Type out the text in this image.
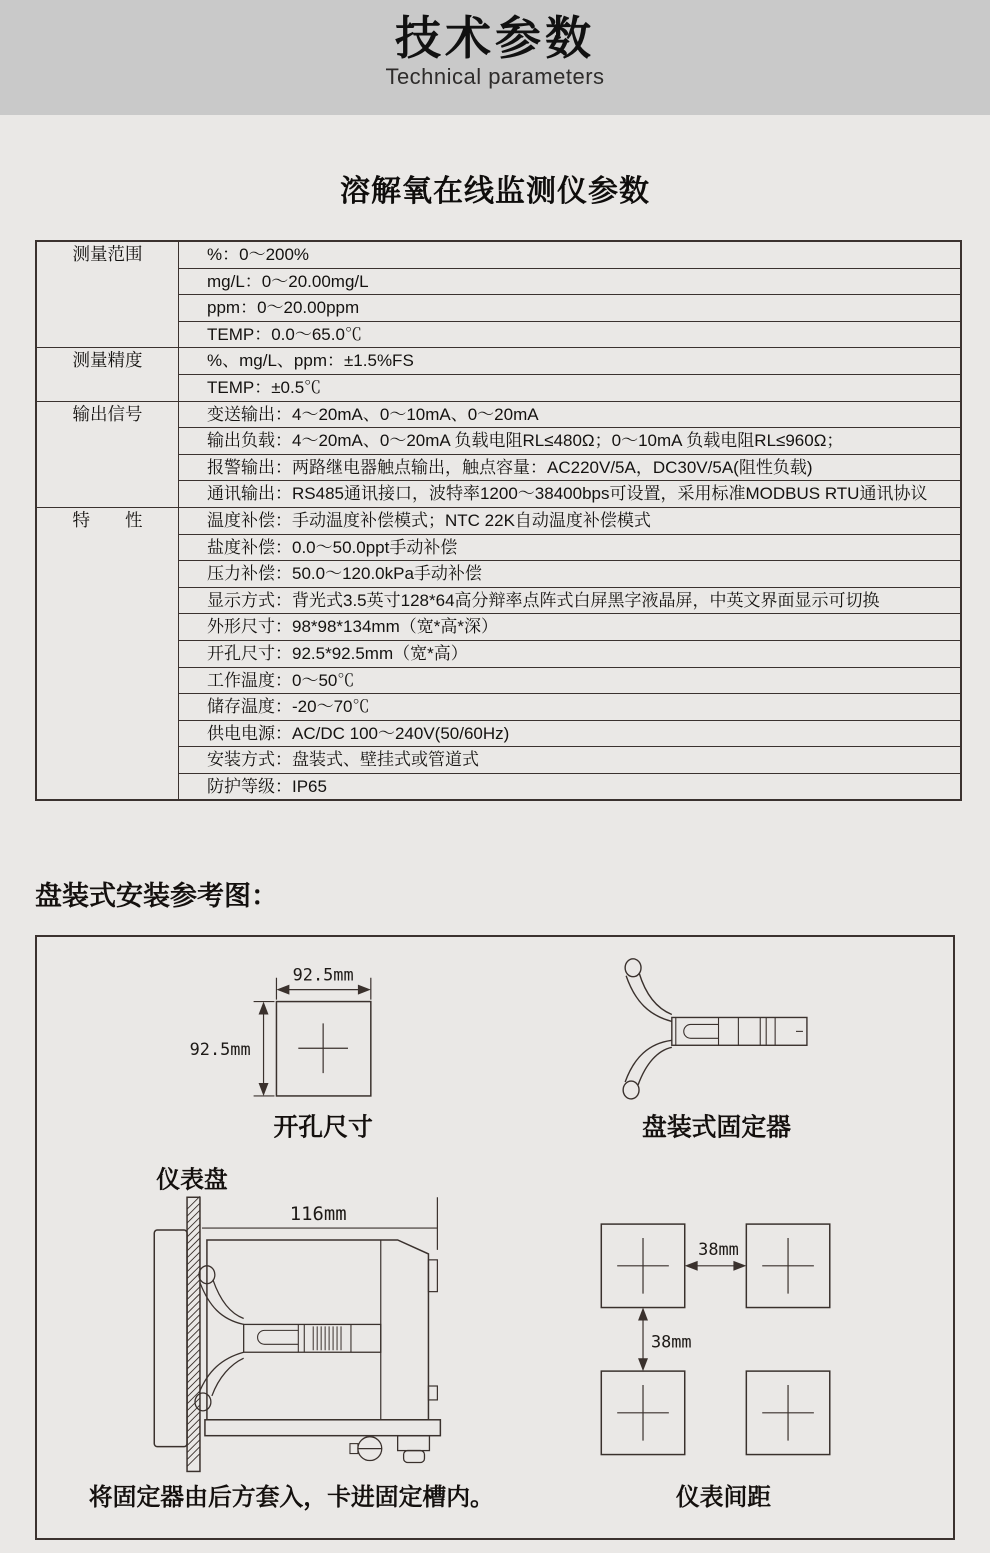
技术参数
Technical parameters
溶解氧在线监测仪参数
测量范围	%：0～200%
	mg/L：0～20.00mg/L
	ppm：0～20.00ppm
	TEMP：0.0～65.0℃
测量精度	%、mg/L、ppm：±1.5%FS
	TEMP：±0.5℃
输出信号	变送输出：4～20mA、0～10mA、0～20mA
	输出负载：4～20mA、0～20mA 负载电阻RL≤480Ω；0～10mA 负载电阻RL≤960Ω；
	报警输出：两路继电器触点输出，触点容量：AC220V/5A，DC30V/5A(阻性负载)
	通讯输出：RS485通讯接口，波特率1200～38400bps可设置，采用标准MODBUS RTU通讯协议
特　　性	温度补偿：手动温度补偿模式；NTC 22K自动温度补偿模式
	盐度补偿：0.0～50.0ppt手动补偿
	压力补偿：50.0～120.0kPa手动补偿
	显示方式：背光式3.5英寸128*64高分辩率点阵式白屏黑字液晶屏，中英文界面显示可切换
	外形尺寸：98*98*134mm（宽*高*深）
	开孔尺寸：92.5*92.5mm（宽*高）
	工作温度：0～50℃
	储存温度：-20～70℃
	供电电源：AC/DC 100～240V(50/60Hz)
	安装方式：盘装式、壁挂式或管道式
	防护等级：IP65
盘装式安装参考图：
92.5mm
92.5mm
开孔尺寸	盘装式固定器
仪表盘
116mm
将固定器由后方套入，卡进固定槽内。
38mm
38mm
仪表间距
